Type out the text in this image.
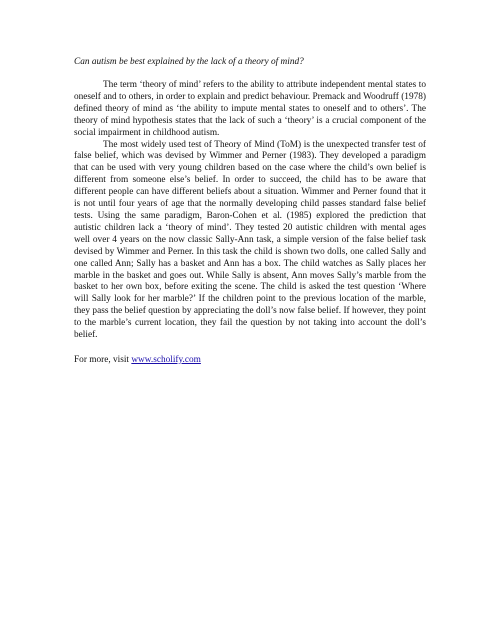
Can autism be best explained by the lack of a theory of mind?

The term ‘theory of mind’ refers to the ability to attribute independent mental states to oneself and to others, in order to explain and predict behaviour. Premack and Woodruff (1978) defined theory of mind as ‘the ability to impute mental states to oneself and to others’. The theory of mind hypothesis states that the lack of such a ‘theory’ is a crucial component of the social impairment in childhood autism.

The most widely used test of Theory of Mind (ToM) is the unexpected transfer test of false belief, which was devised by Wimmer and Perner (1983). They developed a paradigm that can be used with very young children based on the case where the child’s own belief is different from someone else’s belief. In order to succeed, the child has to be aware that different people can have different beliefs about a situation. Wimmer and Perner found that it is not until four years of age that the normally developing child passes standard false belief tests. Using the same paradigm, Baron-Cohen et al. (1985) explored the prediction that autistic children lack a ‘theory of mind’. They tested 20 autistic children with mental ages well over 4 years on the now classic Sally-Ann task, a simple version of the false belief task devised by Wimmer and Perner. In this task the child is shown two dolls, one called Sally and one called Ann; Sally has a basket and Ann has a box. The child watches as Sally places her marble in the basket and goes out. While Sally is absent, Ann moves Sally’s marble from the basket to her own box, before exiting the scene. The child is asked the test question ‘Where will Sally look for her marble?’ If the children point to the previous location of the marble, they pass the belief question by appreciating the doll’s now false belief. If however, they point to the marble’s current location, they fail the question by not taking into account the doll’s belief.

For more, visit www.scholify.com
